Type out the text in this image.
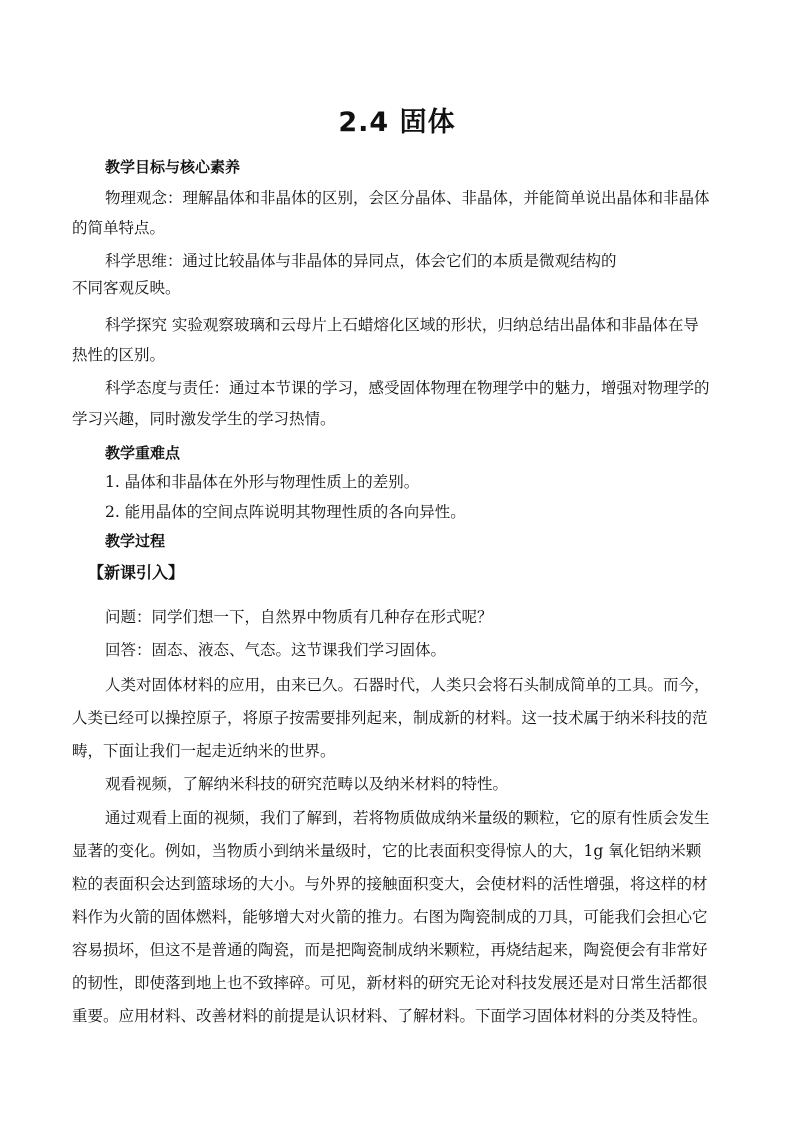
2.4 固体

教学目标与核心素养

物理观念：理解晶体和非晶体的区别，会区分晶体、非晶体，并能简单说出晶体和非晶体

的简单特点。

科学思维：通过比较晶体与非晶体的异同点，体会它们的本质是微观结构的

不同客观反映。

科学探究 实验观察玻璃和云母片上石蜡熔化区域的形状，归纳总结出晶体和非晶体在导

热性的区别。

科学态度与责任：通过本节课的学习，感受固体物理在物理学中的魅力，增强对物理学的

学习兴趣，同时激发学生的学习热情。

教学重难点

1. 晶体和非晶体在外形与物理性质上的差别。

2. 能用晶体的空间点阵说明其物理性质的各向异性。

教学过程

【新课引入】

问题：同学们想一下，自然界中物质有几种存在形式呢？

回答：固态、液态、气态。这节课我们学习固体。

人类对固体材料的应用，由来已久。石器时代，人类只会将石头制成简单的工具。而今，

人类已经可以操控原子，将原子按需要排列起来，制成新的材料。这一技术属于纳米科技的范

畴，下面让我们一起走近纳米的世界。

观看视频，了解纳米科技的研究范畴以及纳米材料的特性。

通过观看上面的视频，我们了解到，若将物质做成纳米量级的颗粒，它的原有性质会发生

显著的变化。例如，当物质小到纳米量级时，它的比表面积变得惊人的大，1g 氧化铝纳米颗

粒的表面积会达到篮球场的大小。与外界的接触面积变大，会使材料的活性增强，将这样的材

料作为火箭的固体燃料，能够增大对火箭的推力。右图为陶瓷制成的刀具，可能我们会担心它

容易损坏，但这不是普通的陶瓷，而是把陶瓷制成纳米颗粒，再烧结起来，陶瓷便会有非常好

的韧性，即使落到地上也不致摔碎。可见，新材料的研究无论对科技发展还是对日常生活都很

重要。应用材料、改善材料的前提是认识材料、了解材料。下面学习固体材料的分类及特性。
